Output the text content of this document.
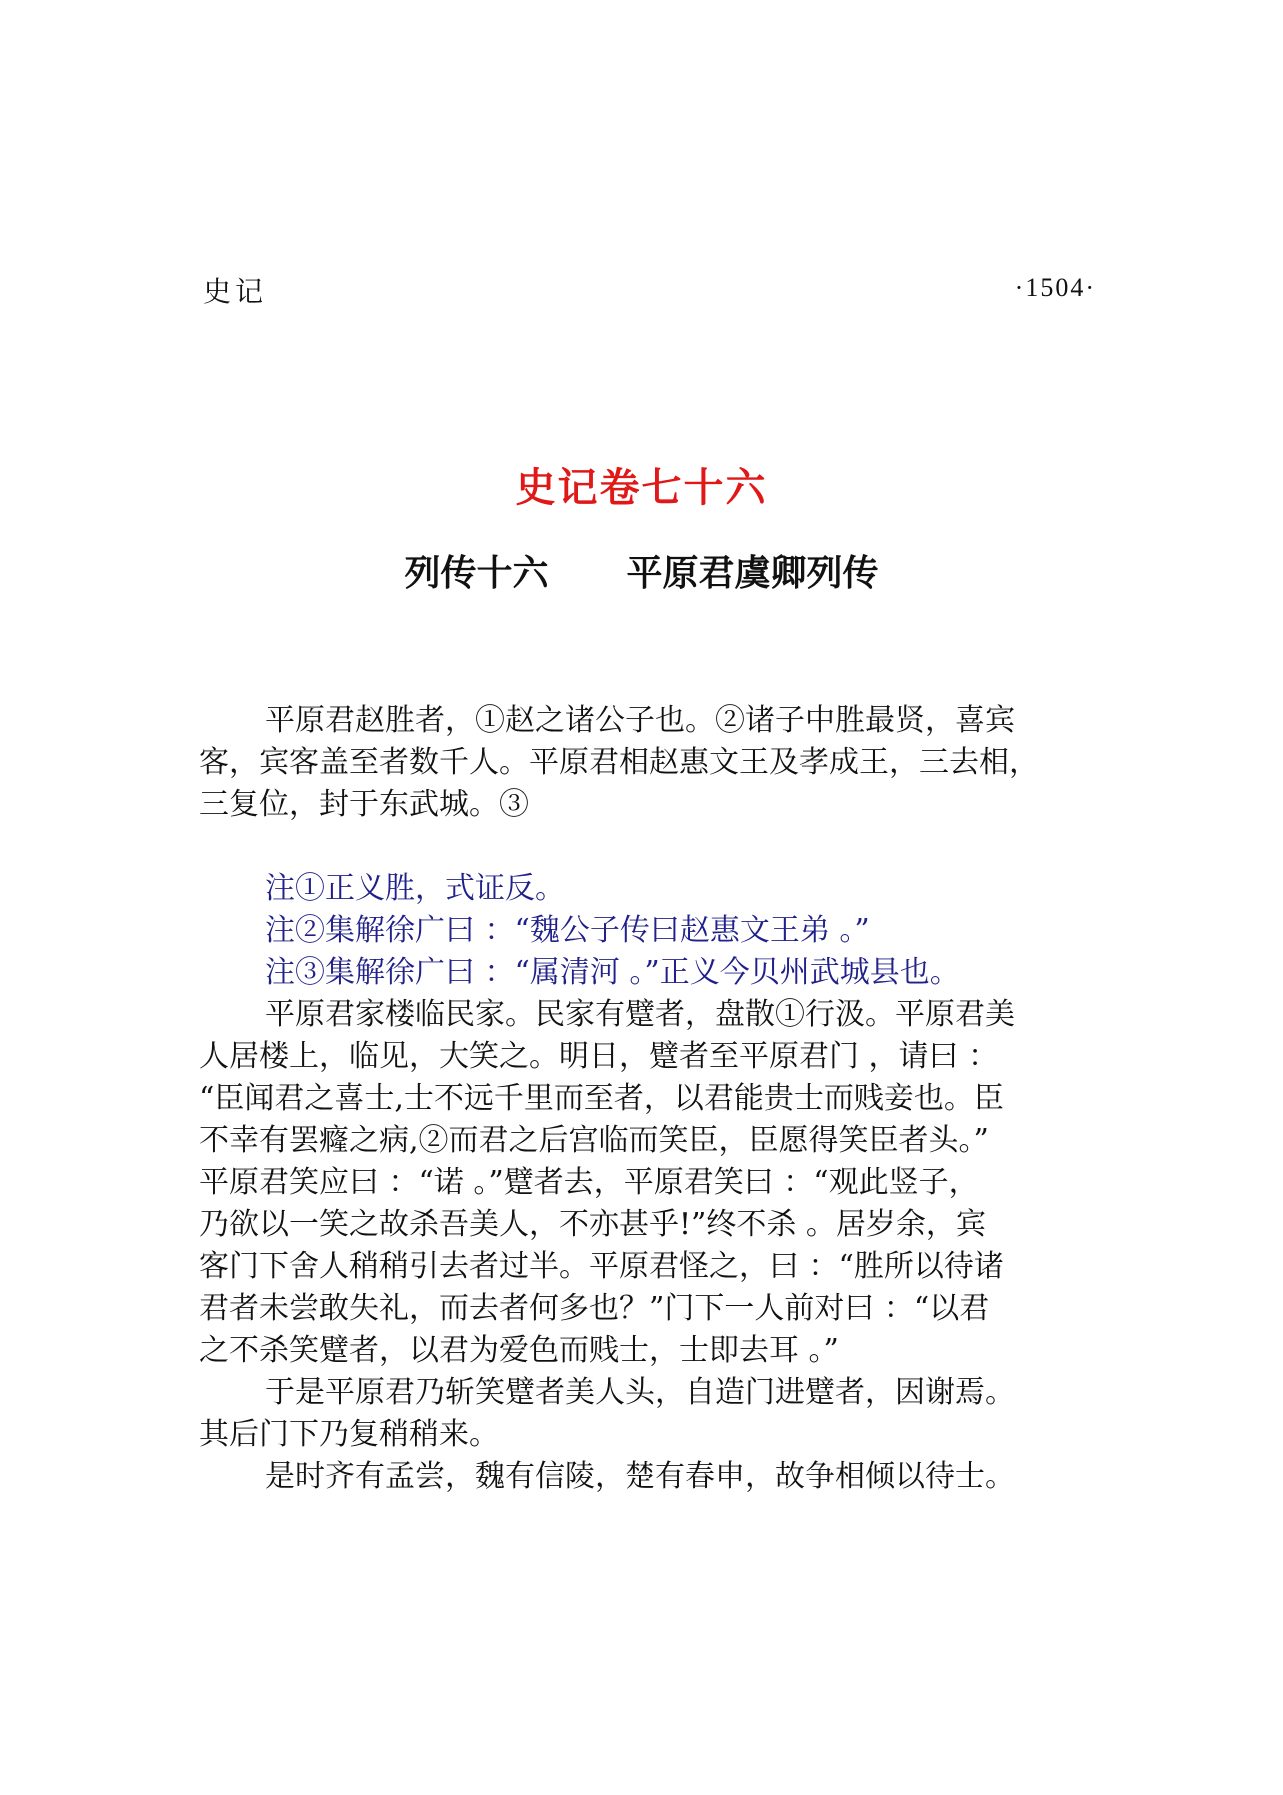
史记	·1504·
史记卷七十六
列传十六 平原君虞卿列传
平原君赵胜者，①赵之诸公子也。②诸子中胜最贤，喜宾
客，宾客盖至者数千人。平原君相赵惠文王及孝成王，三去相，
三复位，封于东武城。③
注①正义胜，式证反。
注②集解徐广曰 ：“魏公子传曰赵惠文王弟 。”
注③集解徐广曰 ：“属清河 。”正义今贝州武城县也。
平原君家楼临民家。民家有躄者，盘散①行汲。平原君美
人居楼上，临见，大笑之。明日，躄者至平原君门 ，请曰 ：
“臣闻君之喜士,士不远千里而至者，以君能贵士而贱妾也。臣
不幸有罢癃之病,②而君之后宫临而笑臣，臣愿得笑臣者头。”
平原君笑应曰 ：“诺 。”躄者去，平原君笑曰 ：“观此竖子，
乃欲以一笑之故杀吾美人，不亦甚乎!”终不杀 。居岁余，宾
客门下舍人稍稍引去者过半。平原君怪之，曰 ：“胜所以待诸
君者未尝敢失礼，而去者何多也？”门下一人前对曰 ：“以君
之不杀笑躄者，以君为爱色而贱士，士即去耳 。”
于是平原君乃斩笑躄者美人头，自造门进躄者，因谢焉。
其后门下乃复稍稍来。
是时齐有孟尝，魏有信陵，楚有春申，故争相倾以待士。
